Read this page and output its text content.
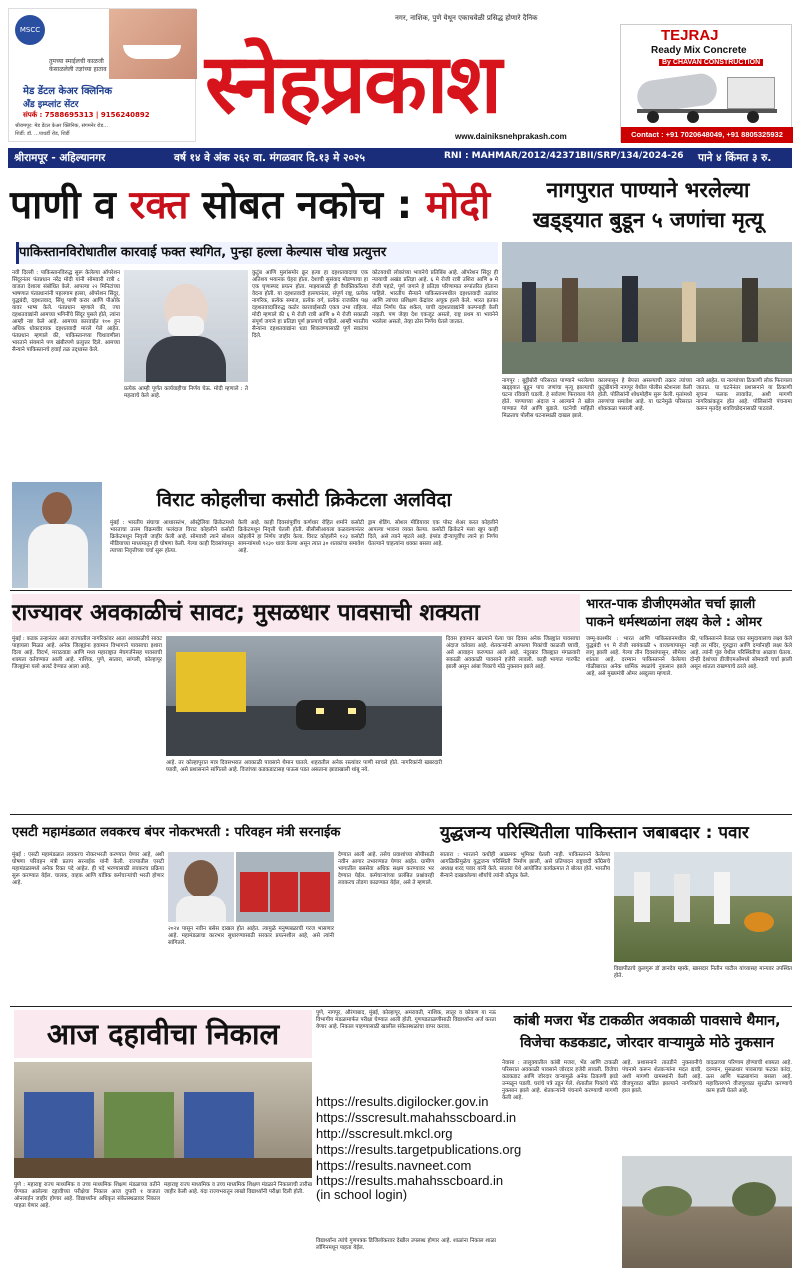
MSCC
तुमच्या स्माईलची काळजी
केसाळलेली तज्ञांच्या हाताव
मेड डेंटल केअर क्लिनिक
अँड इम्प्लांट सेंटर
संपर्क : 7588695313 | 9156240892
श्रीरामपूर: मेड डेंटल केअर क्लिनिक, संगमनेर रोड...
शिर्डी: डॉ. ...पाथर्डी रोड, शिर्डी
स्नेहप्रकाश
नगर, नाशिक, पुणे येथून एकाचवेळी प्रसिद्ध होणारे दैनिक
www.dainiksnehprakash.com
TEJRAJ
Ready Mix Concrete
By CHAVAN CONSTRUCTION
Contact : +91 7020648049, +91 8805325932
श्रीरामपूर - अहिल्यानगर	वर्ष १४ वे अंक २६२ वा. मंगळवार दि.१३ मे २०२५	RNI : MAHMAR/2012/42371 BII/SRP/134/2024-26 पाने ४ किंमत ३ रु.
पाणी व रक्त सोबत नकोच : मोदी
पाकिस्तानविरोधातील कारवाई फक्त स्थगित, पुन्हा हल्ला केल्यास चोख प्रत्युत्तर
नवी दिल्ली : पाकिस्तानविरुद्ध सुरू केलेल्या ऑपरेशन सिंदूरनंतर पंतप्रधान नरेंद्र मोदी यांनी सोमवारी रात्री ८ वाजता देशाला संबोधित केले. आपल्या २२ मिनिटांच्या भाषणात पंतप्रधानांनी पहलगाम हल्ला, ऑपरेशन सिंदूर, युद्धबंदी, दहशतवाद, सिंधू पाणी करार आणि पीओके यावर भाष्य केले. पंतप्रधान म्हणाले की, ज्या दहशतवाद्यांनी आमच्या भगिनींचे सिंदूर पुसले होते, त्यांना आम्ही नष्ट केले आहे. आमच्या कारवाईत १०० हून अधिक धोकादायक दहशतवादी मारले गेले आहेत. पंतप्रधान म्हणाले की, पाकिस्तानच्या चिथावणीला भारताने संयमाने पण खंबीरपणे प्रत्युत्तर दिले. आमच्या सैन्याने पाकिस्तानचे हवाई तळ उद्ध्वस्त केले.
प्रत्येक आम्ही पूर्णत कार्यवाहीचा निर्णय घेऊ. मोदी म्हणाले : ते महत्वाचे केले आहे.
कुटुंब आणि मुलांसमोर क्रूर हत्या हा दहशतवादाचा एक अतिशय भयानक चेहरा होता. देशाची सुसंवाद मोडण्याचा हा एक घृणास्पद प्रयत्न होता. माझ्यासाठी ही वैयक्तिकरित्या वेदना होती. या दहशतवादी हल्ल्यानंतर, संपूर्ण राष्ट्र, प्रत्येक नागरिक, प्रत्येक समाज, प्रत्येक वर्ग, प्रत्येक राजकीय पक्ष दहशतवादाविरुद्ध कठोर कारवाईसाठी एकत्र उभा राहिला. मोदी म्हणाले की ६ मे रोजी रात्री आणि ७ मे रोजी सकाळी संपूर्ण जगाने हा प्रतिज्ञा पूर्ण झाल्याचे पाहिले. आम्ही भारतीय सैन्यांना दहशतवाद्यांना धडा शिकवण्यासाठी पूर्ण स्वातंत्र्य दिले.
कोटयवधी लोकांच्या भावनेचे प्रतिबिंब आहे. ऑपरेशन सिंदूर ही न्यायाची अखंड प्रतिज्ञा आहे. ६ मे रोजी रात्री उशिरा आणि ७ मे रोजी पहाटे, पूर्ण जगाने हे प्रतिज्ञा परिणामात रूपांतरित होताना पाहिले. भारतीय सैन्याने पाकिस्तानमधील दहशतवादी तळांवर आणि त्यांच्या प्रशिक्षण केंद्रांवर अचूक हल्ले केले. भारत इतका मोठा निर्णय घेऊ शकेल, याची दहशतवाद्यांनी कल्पनाही केली नव्हती. पण जेव्हा देश एकजूट असतो, राष्ट्र प्रथम या भावनेने भरलेला असतो, तेव्हा ठोस निर्णय घेतले जातात.
नागपुरात पाण्याने भरलेल्या
खड्ड्यात बुडून ५ जणांचा मृत्यू
नागपूर : बुट्टीबोरी परिसरात पाण्याने भरलेल्या खड्ड्यात बुडून पाच जणांचा मृत्यू झाल्याची घटना रविवारी घडली. हे सर्वजण फिरायला गेले होते. पाण्याच्या अंदाज न आल्याने ते खोल पाण्यात गेले आणि बुडाले. घटनेची माहिती मिळताच पोलीस घटनास्थळी दाखल झाले.
कालपासून हे बेपत्ता असल्याची तक्रार त्यांच्या कुटुंबीयांनी नागपूर येथील पोलीस स्टेशनला केली होती. पोलिसांनी शोधमोहीम सुरू केली. मृतांमध्ये तरुणांचा समावेश आहे. या घटनेमुळे परिसरात शोककळा पसरली आहे.
नाले आहेत. या नाल्यांच्या ठिकाणी लोक फिरायला जातात. या घटनेनंतर प्रशासनाने या ठिकाणी सूचना फलक लावावेत, अशी मागणी नागरिकांकडून होत आहे. पोलिसांनी पंचनामा करून मृतदेह शवविच्छेदनासाठी पाठवले.
विराट कोहलीचा कसोटी क्रिकेटला अलविदा
मुंबई : भारतीय संघाचा आधारस्तंभ, ऑस्ट्रेलिया क्रिकेटमध्ये भारताचा उत्तम विक्रमवीर फलंदाज विराट कोहलीने कसोटी क्रिकेटमधून निवृत्ती जाहीर केली आहे. सोमवारी त्याने सोशल मीडियाच्या माध्यमातून ही घोषणा केली. गेल्या काही दिवसांपासून त्याच्या निवृत्तीच्या चर्चा सुरू होत्या.
केली आहे. काही दिवसांपूर्वीच कर्णधार रोहित शर्माने कसोटी क्रिकेटमधून निवृत्ती घेतली होती. बीसीसीआयला कळवल्यानंतर कोहलीने हा निर्णय जाहीर केला. विराट कोहलीने १२३ कसोटी सामन्यांमध्ये ९२३० धावा केल्या असून त्यात ३० शतकांचा समावेश आहे.
ड्राम शेडिंग. सोशल मीडियावर एक पोस्ट शेअर करत कोहलीने आपल्या भावना व्यक्त केल्या. कसोटी क्रिकेटने मला खूप काही दिले, असे त्याने म्हटले आहे. इंग्लंड दौऱ्यापूर्वीच त्याने हा निर्णय घेतल्याने चाहत्यांना धक्का बसला आहे.
राज्यावर अवकाळीचं सावट; मुसळधार पावसाची शक्यता
मुंबई : कडक उन्हानंतर आता राज्यातील नागरिकांवर आता अवकाळीचे सावट पाहायला मिळत आहे. अनेक जिल्ह्यांना हवामान विभागाने पावसाचा इशारा दिला आहे. विदर्भ, मराठवाडा आणि मध्य महाराष्ट्रात मेघगर्जनेसह पावसाची शक्यता वर्तवण्यात आली आहे. नाशिक, पुणे, सातारा, सांगली, कोल्हापूर जिल्ह्यांना यलो अलर्ट देण्यात आला आहे.
दिवस हवामान खात्याने येत्या चार दिवस अनेक जिल्ह्यांत पावसाचा अंदाज वर्तवला आहे. शेतकऱ्यांनी आपल्या पिकांची काळजी घ्यावी, असे आवाहन करण्यात आले आहे. नंदुरबार जिल्ह्यात मंगळवारी सकाळी अवकाळी पावसाने हजेरी लावली. काही भागात गारपीट झाली असून आंबा पिकाचे मोठे नुकसान झाले आहे.
आहे. तर कोल्हापुरात मात्र दिवसभरात अवकाळी पावसाने थैमान घातले. शहरातील अनेक रस्त्यांवर पाणी साचले होते. नागरिकांनी खबरदारी घ्यावी, असे प्रशासनाने सांगितले आहे. विजांच्या कडकडाटासह पाऊस पडत असताना झाडाखाली थांबू नये.
भारत-पाक डीजीएमओत चर्चा झाली
पाकने धर्मस्थळांना लक्ष्य केले : ओमर
जम्मू-काश्मीर : भारत आणि पाकिस्तानमधील युद्धबंदी ११ मे रोजी सायंकाळी ५ वाजल्यापासून लागू झाली आहे. गेल्या तीन दिवसांपासून, सीमेवर शांतता आहे. दरम्यान पाकिस्तानने केलेल्या गोळीबारात अनेक धार्मिक स्थळांचे नुकसान झाले आहे, असे मुख्यमंत्री ओमर अब्दुल्ला म्हणाले.
की, पाकिस्तानने केवळ एका समुदायालाच लक्ष्य केले नाही तर मंदिर, गुरुद्वारा आणि दर्ग्यांनाही लक्ष्य केले आहे. त्यांनी पूंछ येथील परिस्थितीचा आढावा घेतला. दोन्ही देशांच्या डीजीएमओंमध्ये सोमवारी चर्चा झाली असून शांतता राखण्याचे ठरले आहे.
एसटी महामंडळात लवकरच बंपर नोकरभरती : परिवहन मंत्री सरनाईक
मुंबई : एसटी महामंडळात लवकरच नोकरभरती करण्यात येणार आहे, अशी घोषणा परिवहन मंत्री प्रताप सरनाईक यांनी केली. राज्यातील एसटी महामंडळामध्ये अनेक रिक्त पदे आहेत. ही पदे भरण्यासाठी लवकरच प्रक्रिया सुरू करण्यात येईल. चालक, वाहक आणि यांत्रिक कर्मचाऱ्यांची भरती होणार आहे.
२०२४ पासून नवीन बसेस दाखल होत आहेत. त्यामुळे मनुष्यबळाची गरज भासणार आहे. महामंडळाचा कारभार सुधारण्यासाठी सरकार प्रयत्नशील आहे, असे त्यांनी सांगितले.
देण्यात आली आहे. तसेच प्रवाशांच्या सोयीसाठी नवीन आगार उभारण्यात येणार आहेत. ग्रामीण भागातील बससेवा अधिक सक्षम करण्यावर भर देण्यात येईल. कर्मचाऱ्यांच्या प्रलंबित प्रश्नांवरही लवकरच तोडगा काढण्यात येईल, असे ते म्हणाले.
युद्धजन्य परिस्थितीला पाकिस्तान जबाबदार : पवार
सातारा : भारताने कधीही आक्रमक भूमिका घेतली नाही. पाकिस्तानने केलेल्या आगळिकीमुळेच युद्धजन्य परिस्थिती निर्माण झाली, असे प्रतिपादन राष्ट्रवादी काँग्रेसचे अध्यक्ष शरद पवार यांनी केले. सातारा येथे आयोजित कार्यक्रमात ते बोलत होते. भारतीय सैन्याने दाखवलेल्या शौर्याचे त्यांनी कौतुक केले.
विद्यापीठाचे कुलगुरू डॉ ज्ञानदेव म्हस्के, खासदार नितीन पाटील यांच्यासह मान्यवर उपस्थित होते.
आज दहावीचा निकाल
पुणे : महाराष्ट्र राज्य माध्यमिक व उच्च माध्यमिक शिक्षण मंडळाच्या वतीने घेण्यात आलेल्या दहावीच्या परीक्षेचा निकाल आज दुपारी १ वाजता ऑनलाईन जाहीर होणार आहे. विद्यार्थ्यांना अधिकृत संकेतस्थळावर निकाल पाहता येणार आहे.
महाराष्ट्र राज्य माध्यमिक व उच्च माध्यमिक शिक्षण मंडळाने निकालाची तारीख जाहीर केली आहे. यंदा राज्यभरातून लाखो विद्यार्थ्यांनी परीक्षा दिली होती.
पुणे, नागपूर, औरंगाबाद, मुंबई, कोल्हापूर, अमरावती, नाशिक, लातूर व कोकण या नऊ विभागीय मंडळामार्फत परीक्षा घेण्यात आली होती. गुणपडताळणीसाठी विद्यार्थ्यांना अर्ज करता येणार आहे. निकाल पाहण्यासाठी खालील संकेतस्थळांचा वापर करावा.
https://results.digilocker.gov.in
https://sscresult.mahahsscboard.in
http://sscresult.mkcl.org
https://results.targetpublications.org
https://results.navneet.com
https://results.mahahsscboard.in (in school login)
विद्यार्थ्यांना त्यांचे गुणपत्रक डिजिलॉकरवर देखील उपलब्ध होणार आहे. शाळांना निकाल शाळा लॉगिनमधून पाहता येईल.
कांबी मजरा भेंड टाकळीत अवकाळी पावसाचे थैमान,
विजेचा कडकडाट, जोरदार वाऱ्यामुळे मोठे नुकसान
नेवासा : तालुक्यातील कांबी मजरा, भेंड आणि टाकळी परिसरात अवकाळी पावसाने जोरदार हजेरी लावली. विजेचा कडकडाट आणि जोरदार वाऱ्यामुळे अनेक ठिकाणी झाडे उन्मळून पडली. घरांचे पत्रे उडून गेले. शेतातील पिकांचे मोठे नुकसान झाले आहे. शेतकऱ्यांनी पंचनामे करण्याची मागणी केली आहे.
आहे. प्रशासनाने तातडीने नुकसानीचे पंचनामे करून शेतकऱ्यांना मदत द्यावी, अशी मागणी ग्रामस्थांनी केली आहे. वीजपुरवठा खंडित झाल्याने नागरिकांचे हाल झाले.
वादळाच्या परिणाम होण्याची शक्यता आहे. दरम्यान, मुसळधार पावसाचा फटका कांदा, ऊस आणि फळबागांना बसला आहे. महावितरणने वीजपुरवठा सुरळीत करण्याचे काम हाती घेतले आहे.
